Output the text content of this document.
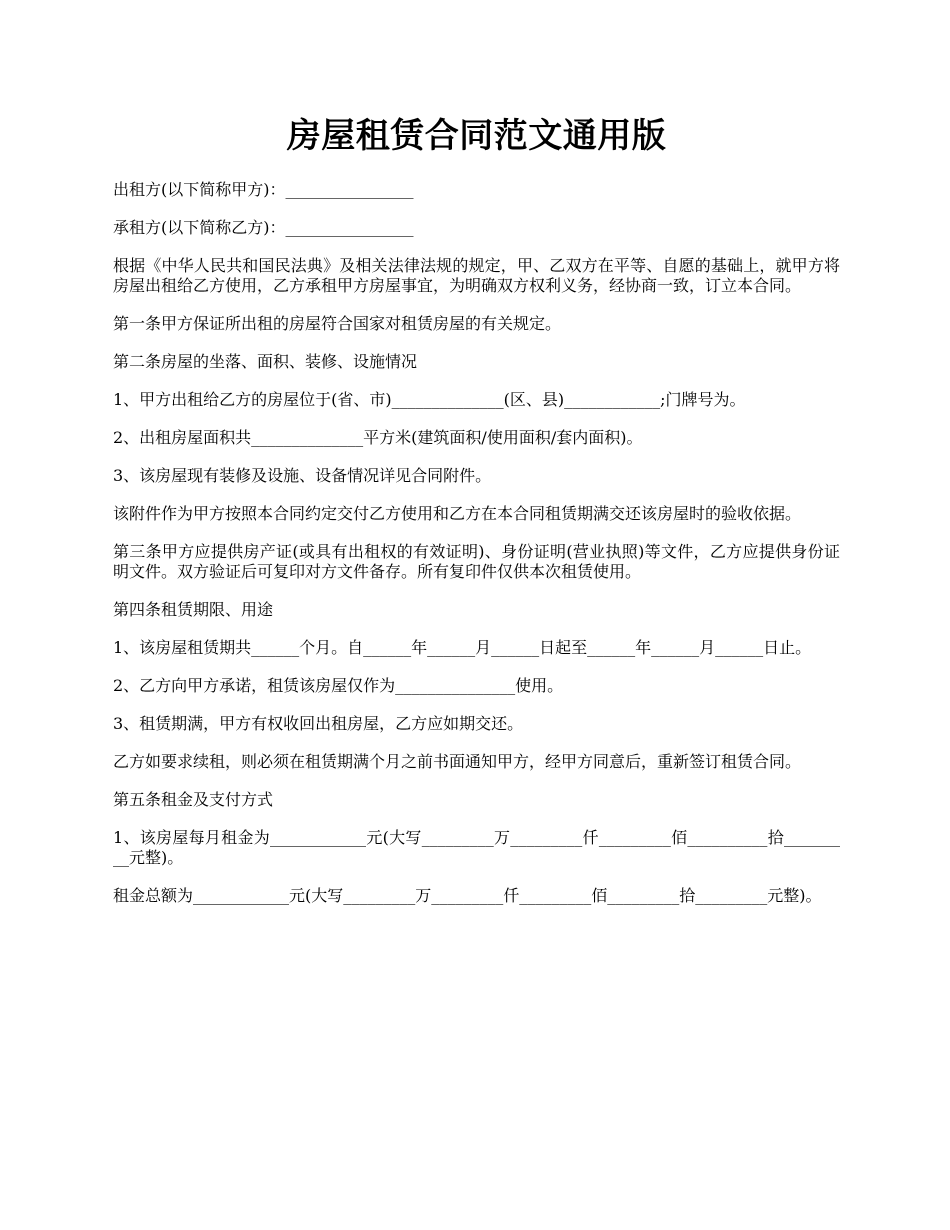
房屋租赁合同范文通用版

出租方(以下简称甲方)：________________

承租方(以下简称乙方)：________________

根据《中华人民共和国民法典》及相关法律法规的规定，甲、乙双方在平等、自愿的基础上，就甲方将房屋出租给乙方使用，乙方承租甲方房屋事宜，为明确双方权利义务，经协商一致，订立本合同。

第一条甲方保证所出租的房屋符合国家对租赁房屋的有关规定。

第二条房屋的坐落、面积、装修、设施情况

1、甲方出租给乙方的房屋位于(省、市)______________(区、县)____________;门牌号为。

2、出租房屋面积共______________平方米(建筑面积/使用面积/套内面积)。

3、该房屋现有装修及设施、设备情况详见合同附件。

该附件作为甲方按照本合同约定交付乙方使用和乙方在本合同租赁期满交还该房屋时的验收依据。

第三条甲方应提供房产证(或具有出租权的有效证明)、身份证明(营业执照)等文件，乙方应提供身份证明文件。双方验证后可复印对方文件备存。所有复印件仅供本次租赁使用。

第四条租赁期限、用途

1、该房屋租赁期共______个月。自______年______月______日起至______年______月______日止。

2、乙方向甲方承诺，租赁该房屋仅作为_______________使用。

3、租赁期满，甲方有权收回出租房屋，乙方应如期交还。

乙方如要求续租，则必须在租赁期满个月之前书面通知甲方，经甲方同意后，重新签订租赁合同。

第五条租金及支付方式

1、该房屋每月租金为____________元(大写_________万_________仟_________佰__________拾_________元整)。

租金总额为____________元(大写_________万_________仟_________佰_________拾_________元整)。
